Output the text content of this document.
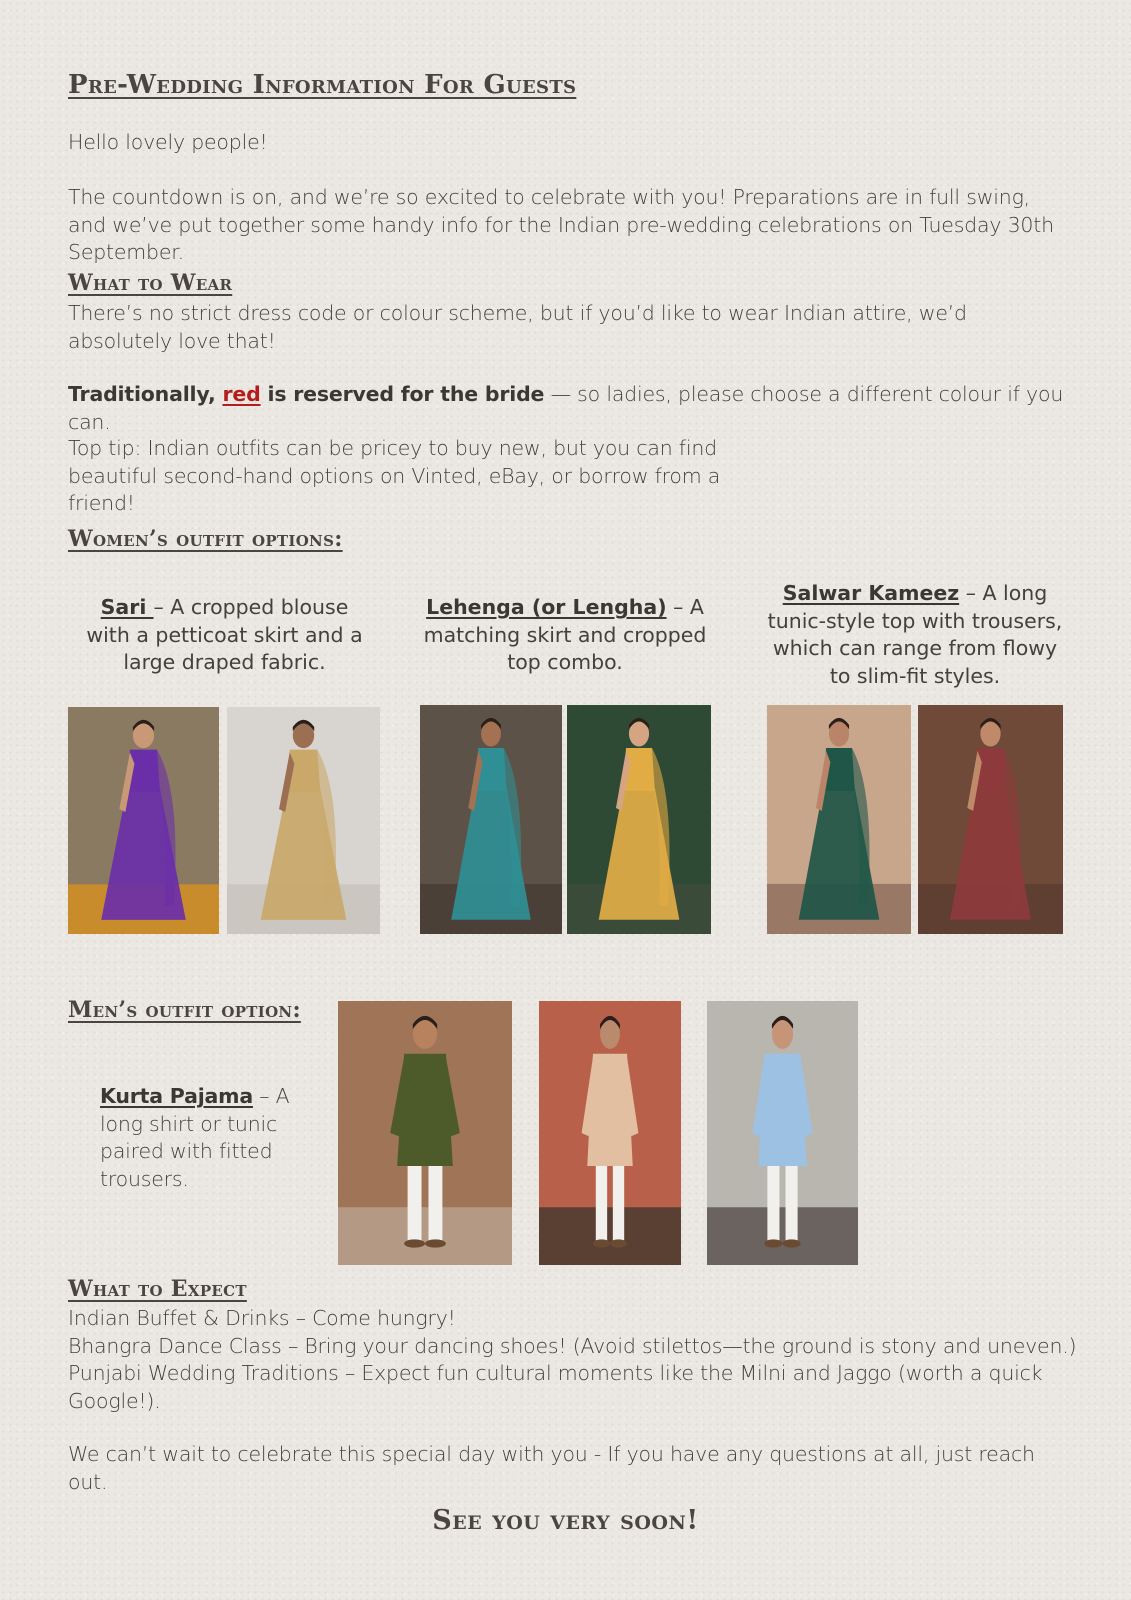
Pre-Wedding Information For Guests
Hello lovely people!
The countdown is on, and we’re so excited to celebrate with you! Preparations are in full swing, and we’ve put together some handy info for the Indian pre-wedding celebrations on Tuesday 30th September.
What to Wear
There’s no strict dress code or colour scheme, but if you’d like to wear Indian attire, we’d absolutely love that!
Traditionally, red is reserved for the bride — so ladies, please choose a different colour if you can.
Top tip: Indian outfits can be pricey to buy new, but you can find beautiful second-hand options on Vinted, eBay, or borrow from a friend!
Women’s outfit options:
Sari – A cropped blouse with a petticoat skirt and a large draped fabric.
Lehenga (or Lengha) – A matching skirt and cropped top combo.
Salwar Kameez – A long tunic-style top with trousers, which can range from flowy to slim-fit styles.
Men’s outfit option:
Kurta Pajama – A long shirt or tunic paired with fitted trousers.
What to Expect
Indian Buffet & Drinks – Come hungry!
Bhangra Dance Class – Bring your dancing shoes! (Avoid stilettos—the ground is stony and uneven.)
Punjabi Wedding Traditions – Expect fun cultural moments like the Milni and Jaggo (worth a quick Google!).
We can’t wait to celebrate this special day with you - If you have any questions at all, just reach out.
See you very soon!
